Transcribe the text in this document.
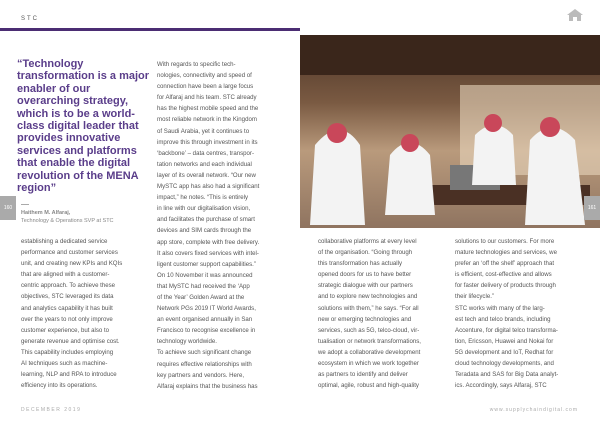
STC
“Technology transformation is a major enabler of our overarching strategy, which is to be a world-class digital leader that provides innovative services and platforms that enable the digital revolution of the MENA region”
Haithem M. Alfaraj,
Technology & Operations SVP at STC
160
With regards to specific tech-
nologies, connectivity and speed of
connection have been a large focus
for Alfaraj and his team. STC already
has the highest mobile speed and the
most reliable network in the Kingdom
of Saudi Arabia, yet it continues to
improve this through investment in its
‘backbone’ – data centres, transpor-
tation networks and each individual
layer of its overall network. “Our new
MySTC app has also had a significant
impact,” he notes. “This is entirely
in line with our digitalisation vision,
and facilitates the purchase of smart
devices and SIM cards through the
app store, complete with free delivery.
It also covers fixed services with intel-
ligent customer support capabilities.”
On 10 November it was announced
that MySTC had received the ‘App
of the Year’ Golden Award at the
Network PGs 2019 IT World Awards,
an event organised annually in San
Francisco to recognise excellence in
technology worldwide.
To achieve such significant change
requires effective relationships with
key partners and vendors. Here,
Alfaraj explains that the business has
establishing a dedicated service
performance and customer services
unit, and creating new KPIs and KQIs
that are aligned with a customer-
centric approach. To achieve these
objectives, STC leveraged its data
and analytics capability it has built
over the years to not only improve
customer experience, but also to
generate revenue and optimise cost.
This capability includes employing
AI techniques such as machine-
learning, NLP and RPA to introduce
efficiency into its operations.
161
collaborative platforms at every level
of the organisation. “Going through
this transformation has actually
opened doors for us to have better
strategic dialogue with our partners
and to explore new technologies and
solutions with them,” he says. “For all
new or emerging technologies and
services, such as 5G, telco-cloud, vir-
tualisation or network transformations,
we adopt a collaborative development
ecosystem in which we work together
as partners to identify and deliver
optimal, agile, robust and high-quality
solutions to our customers. For more
mature technologies and services, we
prefer an ‘off the shelf’ approach that
is efficient, cost-effective and allows
for faster delivery of products through
their lifecycle.”
STC works with many of the larg-
est tech and telco brands, including
Accenture, for digital telco transforma-
tion, Ericsson, Huawei and Nokai for
5G development and IoT, Redhat for
cloud technology developments, and
Teradata and SAS for Big Data analyt-
ics. Accordingly, says Alfaraj, STC
DECEMBER 2019	www.supplychaindigital.com
